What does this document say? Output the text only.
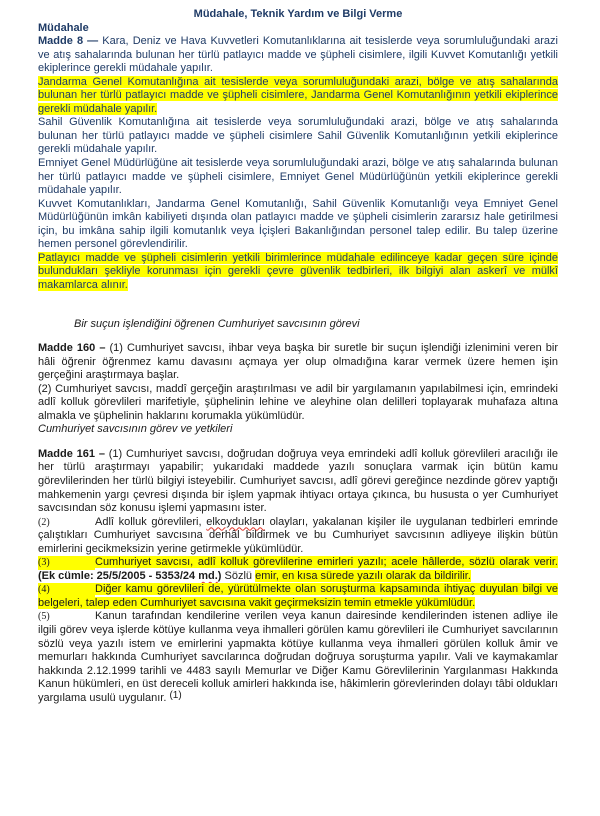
Müdahale, Teknik Yardım ve Bilgi Verme

Müdahale

Madde 8 — Kara, Deniz ve Hava Kuvvetleri Komutanlıklarına ait tesislerde veya sorumluluğundaki arazi ve atış sahalarında bulunan her türlü patlayıcı madde ve şüpheli cisimlere, ilgili Kuvvet Komutanlığı yetkili ekiplerince gerekli müdahale yapılır.

Jandarma Genel Komutanlığına ait tesislerde veya sorumluluğundaki arazi, bölge ve atış sahalarında bulunan her türlü patlayıcı madde ve şüpheli cisimlere, Jandarma Genel Komutanlığının yetkili ekiplerince gerekli müdahale yapılır.

Sahil Güvenlik Komutanlığına ait tesislerde veya sorumluluğundaki arazi, bölge ve atış sahalarında bulunan her türlü patlayıcı madde ve şüpheli cisimlere Sahil Güvenlik Komutanlığının yetkili ekiplerince gerekli müdahale yapılır.

Emniyet Genel Müdürlüğüne ait tesislerde veya sorumluluğundaki arazi, bölge ve atış sahalarında bulunan her türlü patlayıcı madde ve şüpheli cisimlere, Emniyet Genel Müdürlüğünün yetkili ekiplerince gerekli müdahale yapılır.

Kuvvet Komutanlıkları, Jandarma Genel Komutanlığı, Sahil Güvenlik Komutanlığı veya Emniyet Genel Müdürlüğünün imkân kabiliyeti dışında olan patlayıcı madde ve şüpheli cisimlerin zararsız hale getirilmesi için, bu imkâna sahip ilgili komutanlık veya İçişleri Bakanlığından personel talep edilir. Bu talep üzerine hemen personel görevlendirilir.

Patlayıcı madde ve şüpheli cisimlerin yetkili birimlerince müdahale edilinceye kadar geçen süre içinde bulundukları şekliyle korunması için gerekli çevre güvenlik tedbirleri, ilk bilgiyi alan askerî ve mülkî makamlarca alınır.

Bir suçun işlendiğini öğrenen Cumhuriyet savcısının görevi

Madde 160 – (1) Cumhuriyet savcısı, ihbar veya başka bir suretle bir suçun işlendiği izlenimini veren bir hâli öğrenir öğrenmez kamu davasını açmaya yer olup olmadığına karar vermek üzere hemen işin gerçeğini araştırmaya başlar.

(2) Cumhuriyet savcısı, maddî gerçeğin araştırılması ve adil bir yargılamanın yapılabilmesi için, emrindeki adlî kolluk görevlileri marifetiyle, şüphelinin lehine ve aleyhine olan delilleri toplayarak muhafaza altına almakla ve şüphelinin haklarını korumakla yükümlüdür.

Cumhuriyet savcısının görev ve yetkileri

Madde 161 – (1) Cumhuriyet savcısı, doğrudan doğruya veya emrindeki adlî kolluk görevlileri aracılığı ile her türlü araştırmayı yapabilir; yukarıdaki maddede yazılı sonuçlara varmak için bütün kamu görevlilerinden her türlü bilgiyi isteyebilir. Cumhuriyet savcısı, adlî görevi gereğince nezdinde görev yaptığı mahkemenin yargı çevresi dışında bir işlem yapmak ihtiyacı ortaya çıkınca, bu hususta o yer Cumhuriyet savcısından söz konusu işlemi yapmasını ister.

(2)	Adlî kolluk görevlileri, elkoydukları olayları, yakalanan kişiler ile uygulanan tedbirleri emrinde çalıştıkları Cumhuriyet savcısına derhâl bildirmek ve bu Cumhuriyet savcısının adliyeye ilişkin bütün emirlerini gecikmeksizin yerine getirmekle yükümlüdür.

(3)	Cumhuriyet savcısı, adlî kolluk görevlilerine emirleri yazılı; acele hâllerde, sözlü olarak verir. (Ek cümle: 25/5/2005 - 5353/24 md.) Sözlü emir, en kısa sürede yazılı olarak da bildirilir.

(4)	Diğer kamu görevlileri de, yürütülmekte olan soruşturma kapsamında ihtiyaç duyulan bilgi ve belgeleri, talep eden Cumhuriyet savcısına vakit geçirmeksizin temin etmekle yükümlüdür.

(5)	Kanun tarafından kendilerine verilen veya kanun dairesinde kendilerinden istenen adliye ile ilgili görev veya işlerde kötüye kullanma veya ihmalleri görülen kamu görevlileri ile Cumhuriyet savcılarının sözlü veya yazılı istem ve emirlerini yapmakta kötüye kullanma veya ihmalleri görülen kolluk âmir ve memurları hakkında Cumhuriyet savcılarınca doğrudan doğruya soruşturma yapılır. Vali ve kaymakamlar hakkında 2.12.1999 tarihli ve 4483 sayılı Memurlar ve Diğer Kamu Görevlilerinin Yargılanması Hakkında Kanun hükümleri, en üst dereceli kolluk amirleri hakkında ise, hâkimlerin görevlerinden dolayı tâbi oldukları yargılama usulü uygulanır. (1)
